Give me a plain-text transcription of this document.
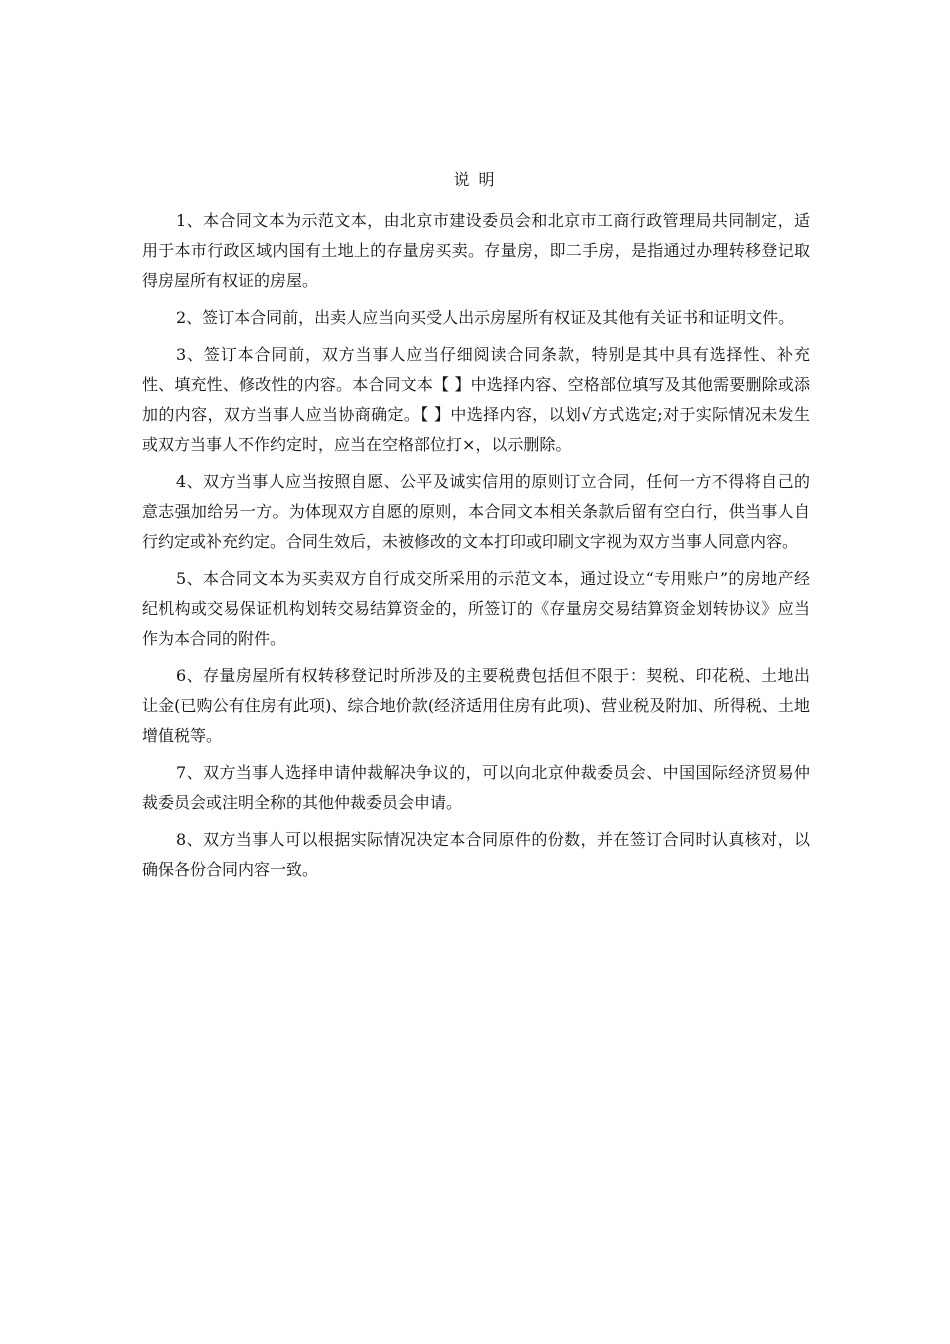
说 明

1、本合同文本为示范文本，由北京市建设委员会和北京市工商行政管理局共同制定，适用于本市行政区域内国有土地上的存量房买卖。存量房，即二手房，是指通过办理转移登记取得房屋所有权证的房屋。

2、签订本合同前，出卖人应当向买受人出示房屋所有权证及其他有关证书和证明文件。

3、签订本合同前，双方当事人应当仔细阅读合同条款，特别是其中具有选择性、补充性、填充性、修改性的内容。本合同文本【 】中选择内容、空格部位填写及其他需要删除或添加的内容，双方当事人应当协商确定。【 】中选择内容，以划√方式选定;对于实际情况未发生或双方当事人不作约定时，应当在空格部位打×，以示删除。

4、双方当事人应当按照自愿、公平及诚实信用的原则订立合同，任何一方不得将自己的意志强加给另一方。为体现双方自愿的原则，本合同文本相关条款后留有空白行，供当事人自行约定或补充约定。合同生效后，未被修改的文本打印或印刷文字视为双方当事人同意内容。

5、本合同文本为买卖双方自行成交所采用的示范文本，通过设立“专用账户”的房地产经纪机构或交易保证机构划转交易结算资金的，所签订的《存量房交易结算资金划转协议》应当作为本合同的附件。

6、存量房屋所有权转移登记时所涉及的主要税费包括但不限于：契税、印花税、土地出让金(已购公有住房有此项)、综合地价款(经济适用住房有此项)、营业税及附加、所得税、土地增值税等。

7、双方当事人选择申请仲裁解决争议的，可以向北京仲裁委员会、中国国际经济贸易仲裁委员会或注明全称的其他仲裁委员会申请。

8、双方当事人可以根据实际情况决定本合同原件的份数，并在签订合同时认真核对，以确保各份合同内容一致。
